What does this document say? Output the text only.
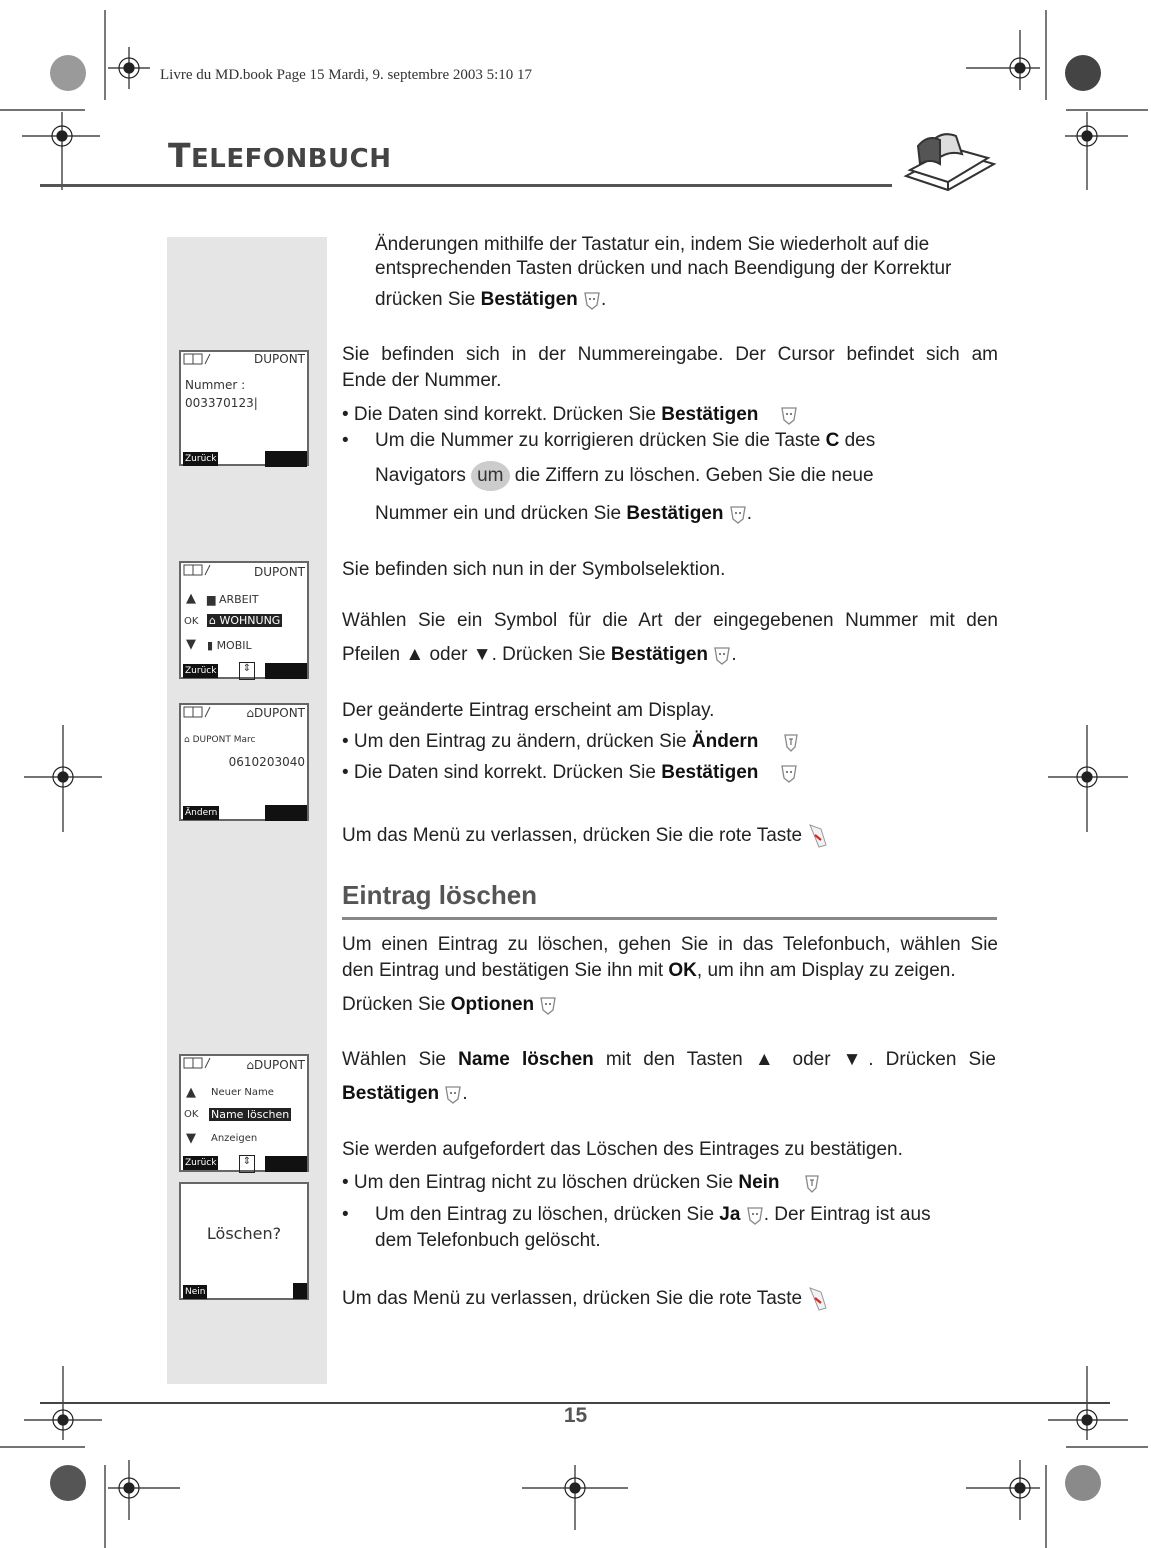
Livre du MD.book Page 15 Mardi, 9. septembre 2003 5:10 17
TELEFONBUCH
Änderungen mithilfe der Tastatur ein, indem Sie wiederholt auf die
entsprechenden Tasten drücken und nach Beendigung der Korrektur
drücken Sie Bestätigen .
DUPONT
Nummer :
003370123|
Zurück
Sie befinden sich in der Nummereingabe. Der Cursor befindet sich am
Ende der Nummer.
• Die Daten sind korrekt. Drücken Sie Bestätigen
• Um die Nummer zu korrigieren drücken Sie die Taste C des
Navigators um die Ziffern zu löschen. Geben Sie die neue
Nummer ein und drücken Sie Bestätigen .
DUPONT
▲ ▆ ARBEIT
OK ⌂ WOHNUNG
▼ ▮ MOBIL
Zurück	⇕
Sie befinden sich nun in der Symbolselektion.
Wählen Sie ein Symbol für die Art der eingegebenen Nummer mit den
Pfeilen ▲ oder ▼. Drücken Sie Bestätigen .
⌂DUPONT
⌂ DUPONT Marc
0610203040
Ändern
Der geänderte Eintrag erscheint am Display.
• Um den Eintrag zu ändern, drücken Sie Ändern
• Die Daten sind korrekt. Drücken Sie Bestätigen
Um das Menü zu verlassen, drücken Sie die rote Taste
Eintrag löschen
Um einen Eintrag zu löschen, gehen Sie in das Telefonbuch, wählen Sie
den Eintrag und bestätigen Sie ihn mit OK, um ihn am Display zu zeigen.
Drücken Sie Optionen
⌂DUPONT
▲ Neuer Name
OK Name löschen
▼ Anzeigen
Zurück	⇕
Löschen?
Nein
Wählen Sie Name löschen mit den Tasten ▲ oder ▼. Drücken Sie
Bestätigen .
Sie werden aufgefordert das Löschen des Eintrages zu bestätigen.
• Um den Eintrag nicht zu löschen drücken Sie Nein
• Um den Eintrag zu löschen, drücken Sie Ja . Der Eintrag ist aus
dem Telefonbuch gelöscht.
Um das Menü zu verlassen, drücken Sie die rote Taste
15
